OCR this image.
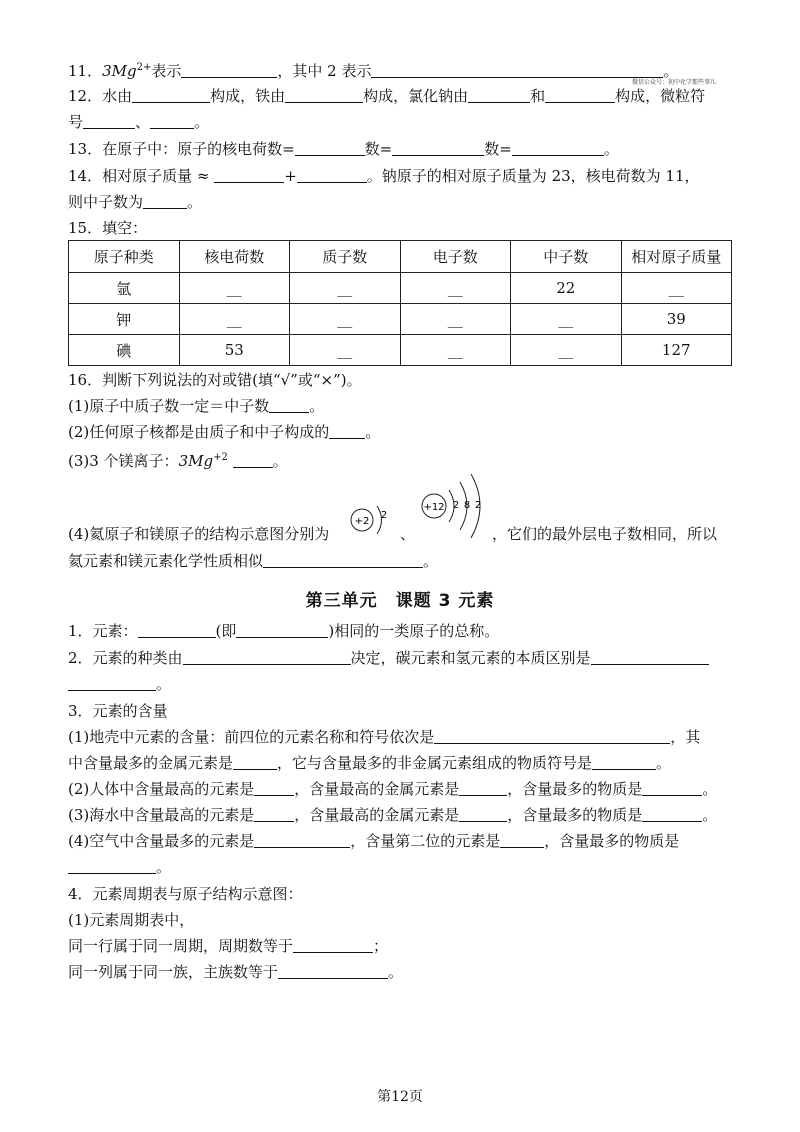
微信公众号：初中化学那些事儿
11．$3Mg^{2+}$表示	，其中 2 表示	。
12．水由	构成，铁由	构成，氯化钠由	和	构成，微粒符
号	、	。
13．在原子中：原子的核电荷数=	数=	数=	。
14．相对原子质量 ≈	+	。钠原子的相对原子质量为 23，核电荷数为 11，
则中子数为	。
15．填空：
原子种类	核电荷数	质子数	电子数	中子数	相对原子质量
氩	__	__	__	22	__
钾	__	__	__	__	39
碘	53	__	__	__	127
16．判断下列说法的对或错(填“√”或“×”)。
(1)原子中质子数一定＝中子数	。
(2)任何原子核都是由质子和中子构成的 。
(3)3 个镁离子：$3Mg^{+2}$	。
(4)氦原子和镁原子的结构示意图分别为	、	，它们的最外层电子数相同，所以
氦元素和镁元素化学性质相似	。
+2
2
+12 2 8 2
第三单元　课题 3 元素
1．元素：	(即	)相同的一类原子的总称。
2．元素的种类由	决定，碳元素和氢元素的本质区别是
。
3．元素的含量
(1)地壳中元素的含量：前四位的元素名称和符号依次是	，其
中含量最多的金属元素是	，它与含量最多的非金属元素组成的物质符号是	。
(2)人体中含量最高的元素是	，含量最高的金属元素是	，含量最多的物质是	。
(3)海水中含量最高的元素是	，含量最高的金属元素是	，含量最多的物质是	。
(4)空气中含量最多的元素是	，含量第二位的元素是	，含量最多的物质是
。
4．元素周期表与原子结构示意图：
(1)元素周期表中，
同一行属于同一周期，周期数等于	；
同一列属于同一族，主族数等于	。
第12页
